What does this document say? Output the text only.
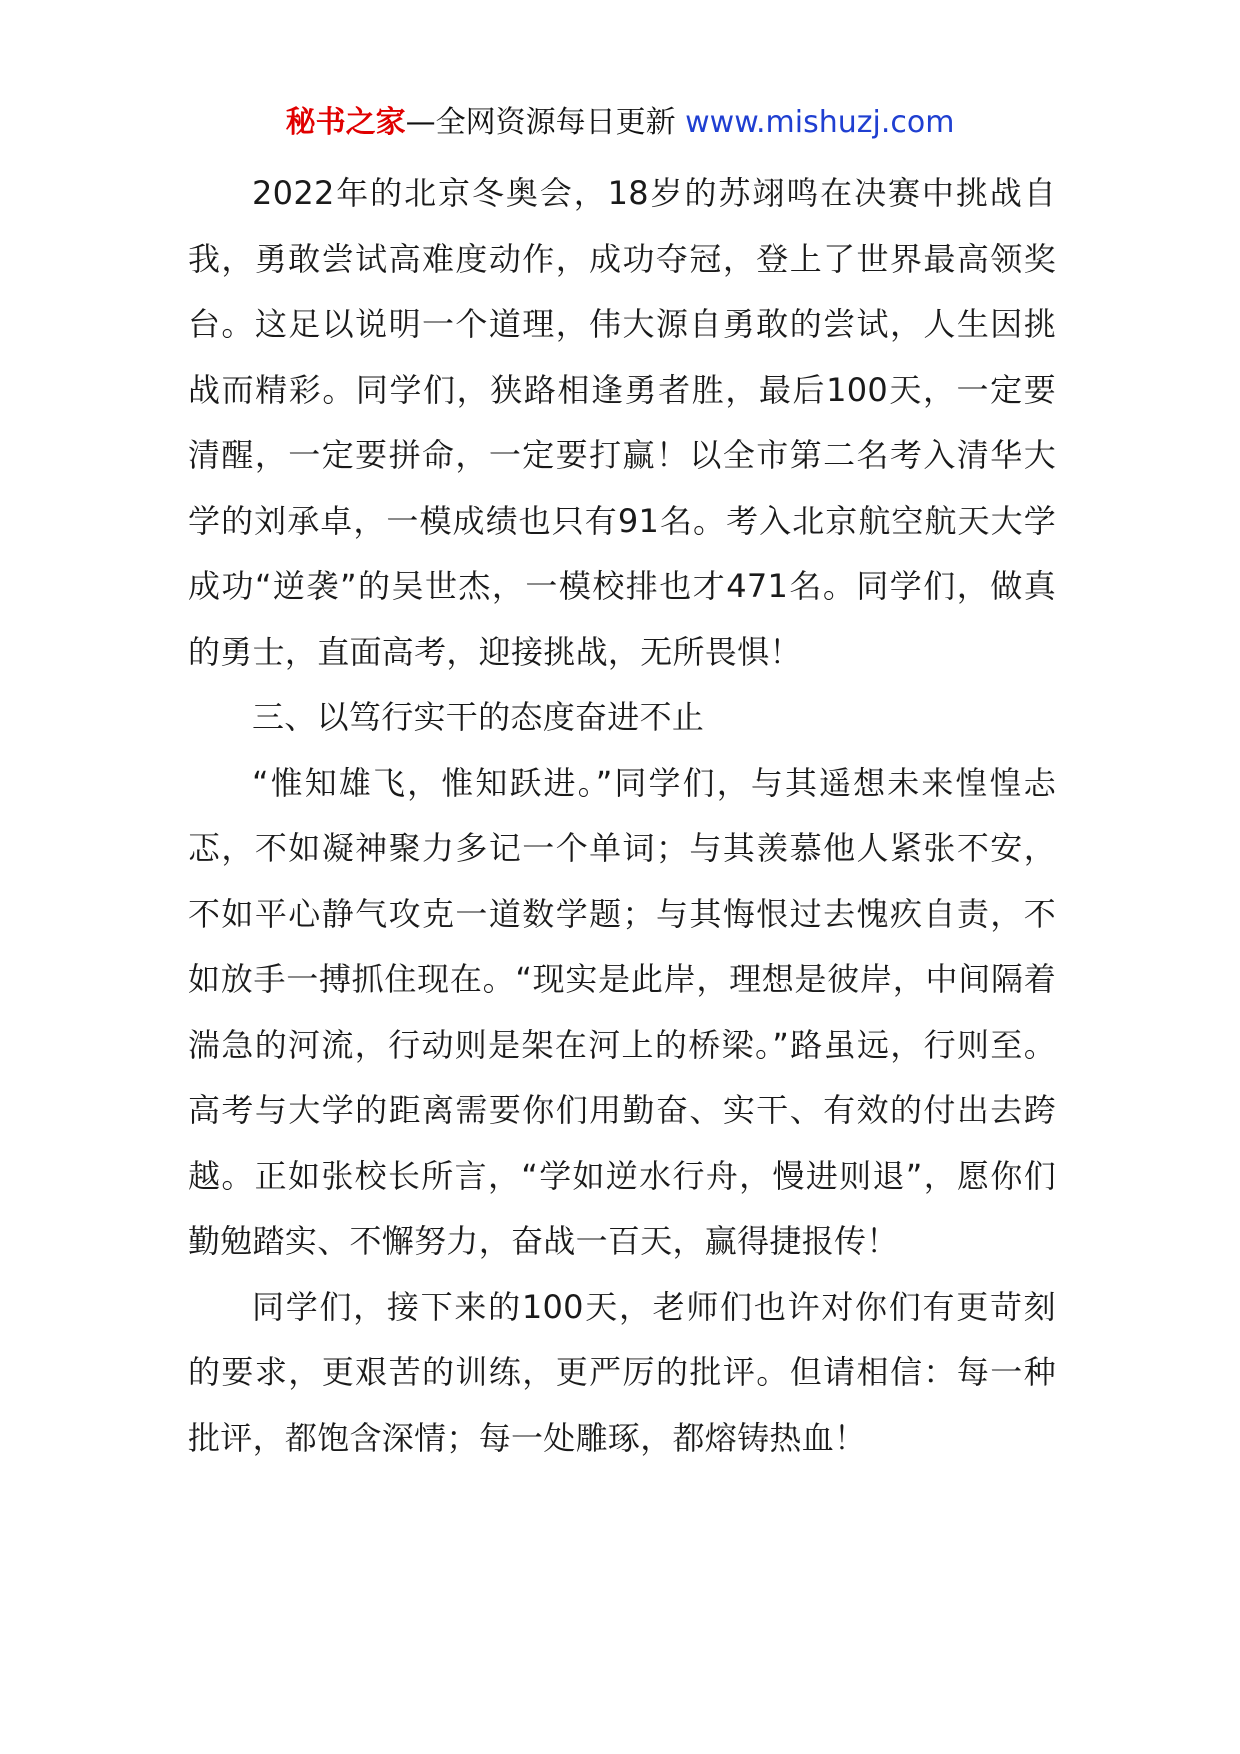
秘书之家—全网资源每日更新 www.mishuzj.com

2022年的北京冬奥会，18岁的苏翊鸣在决赛中挑战自我，勇敢尝试高难度动作，成功夺冠，登上了世界最高领奖台。这足以说明一个道理，伟大源自勇敢的尝试，人生因挑战而精彩。同学们，狭路相逢勇者胜，最后100天，一定要清醒，一定要拼命，一定要打赢！以全市第二名考入清华大学的刘承卓，一模成绩也只有91名。考入北京航空航天大学成功“逆袭”的吴世杰，一模校排也才471名。同学们，做真的勇士，直面高考，迎接挑战，无所畏惧！

三、以笃行实干的态度奋进不止

“惟知雄飞，惟知跃进。”同学们，与其遥想未来惶惶忐忑，不如凝神聚力多记一个单词；与其羡慕他人紧张不安，不如平心静气攻克一道数学题；与其悔恨过去愧疚自责，不如放手一搏抓住现在。“现实是此岸，理想是彼岸，中间隔着湍急的河流，行动则是架在河上的桥梁。”路虽远，行则至。高考与大学的距离需要你们用勤奋、实干、有效的付出去跨越。正如张校长所言，“学如逆水行舟，慢进则退”，愿你们勤勉踏实、不懈努力，奋战一百天，赢得捷报传！

同学们，接下来的100天，老师们也许对你们有更苛刻的要求，更艰苦的训练，更严厉的批评。但请相信：每一种批评，都饱含深情；每一处雕琢，都熔铸热血！
